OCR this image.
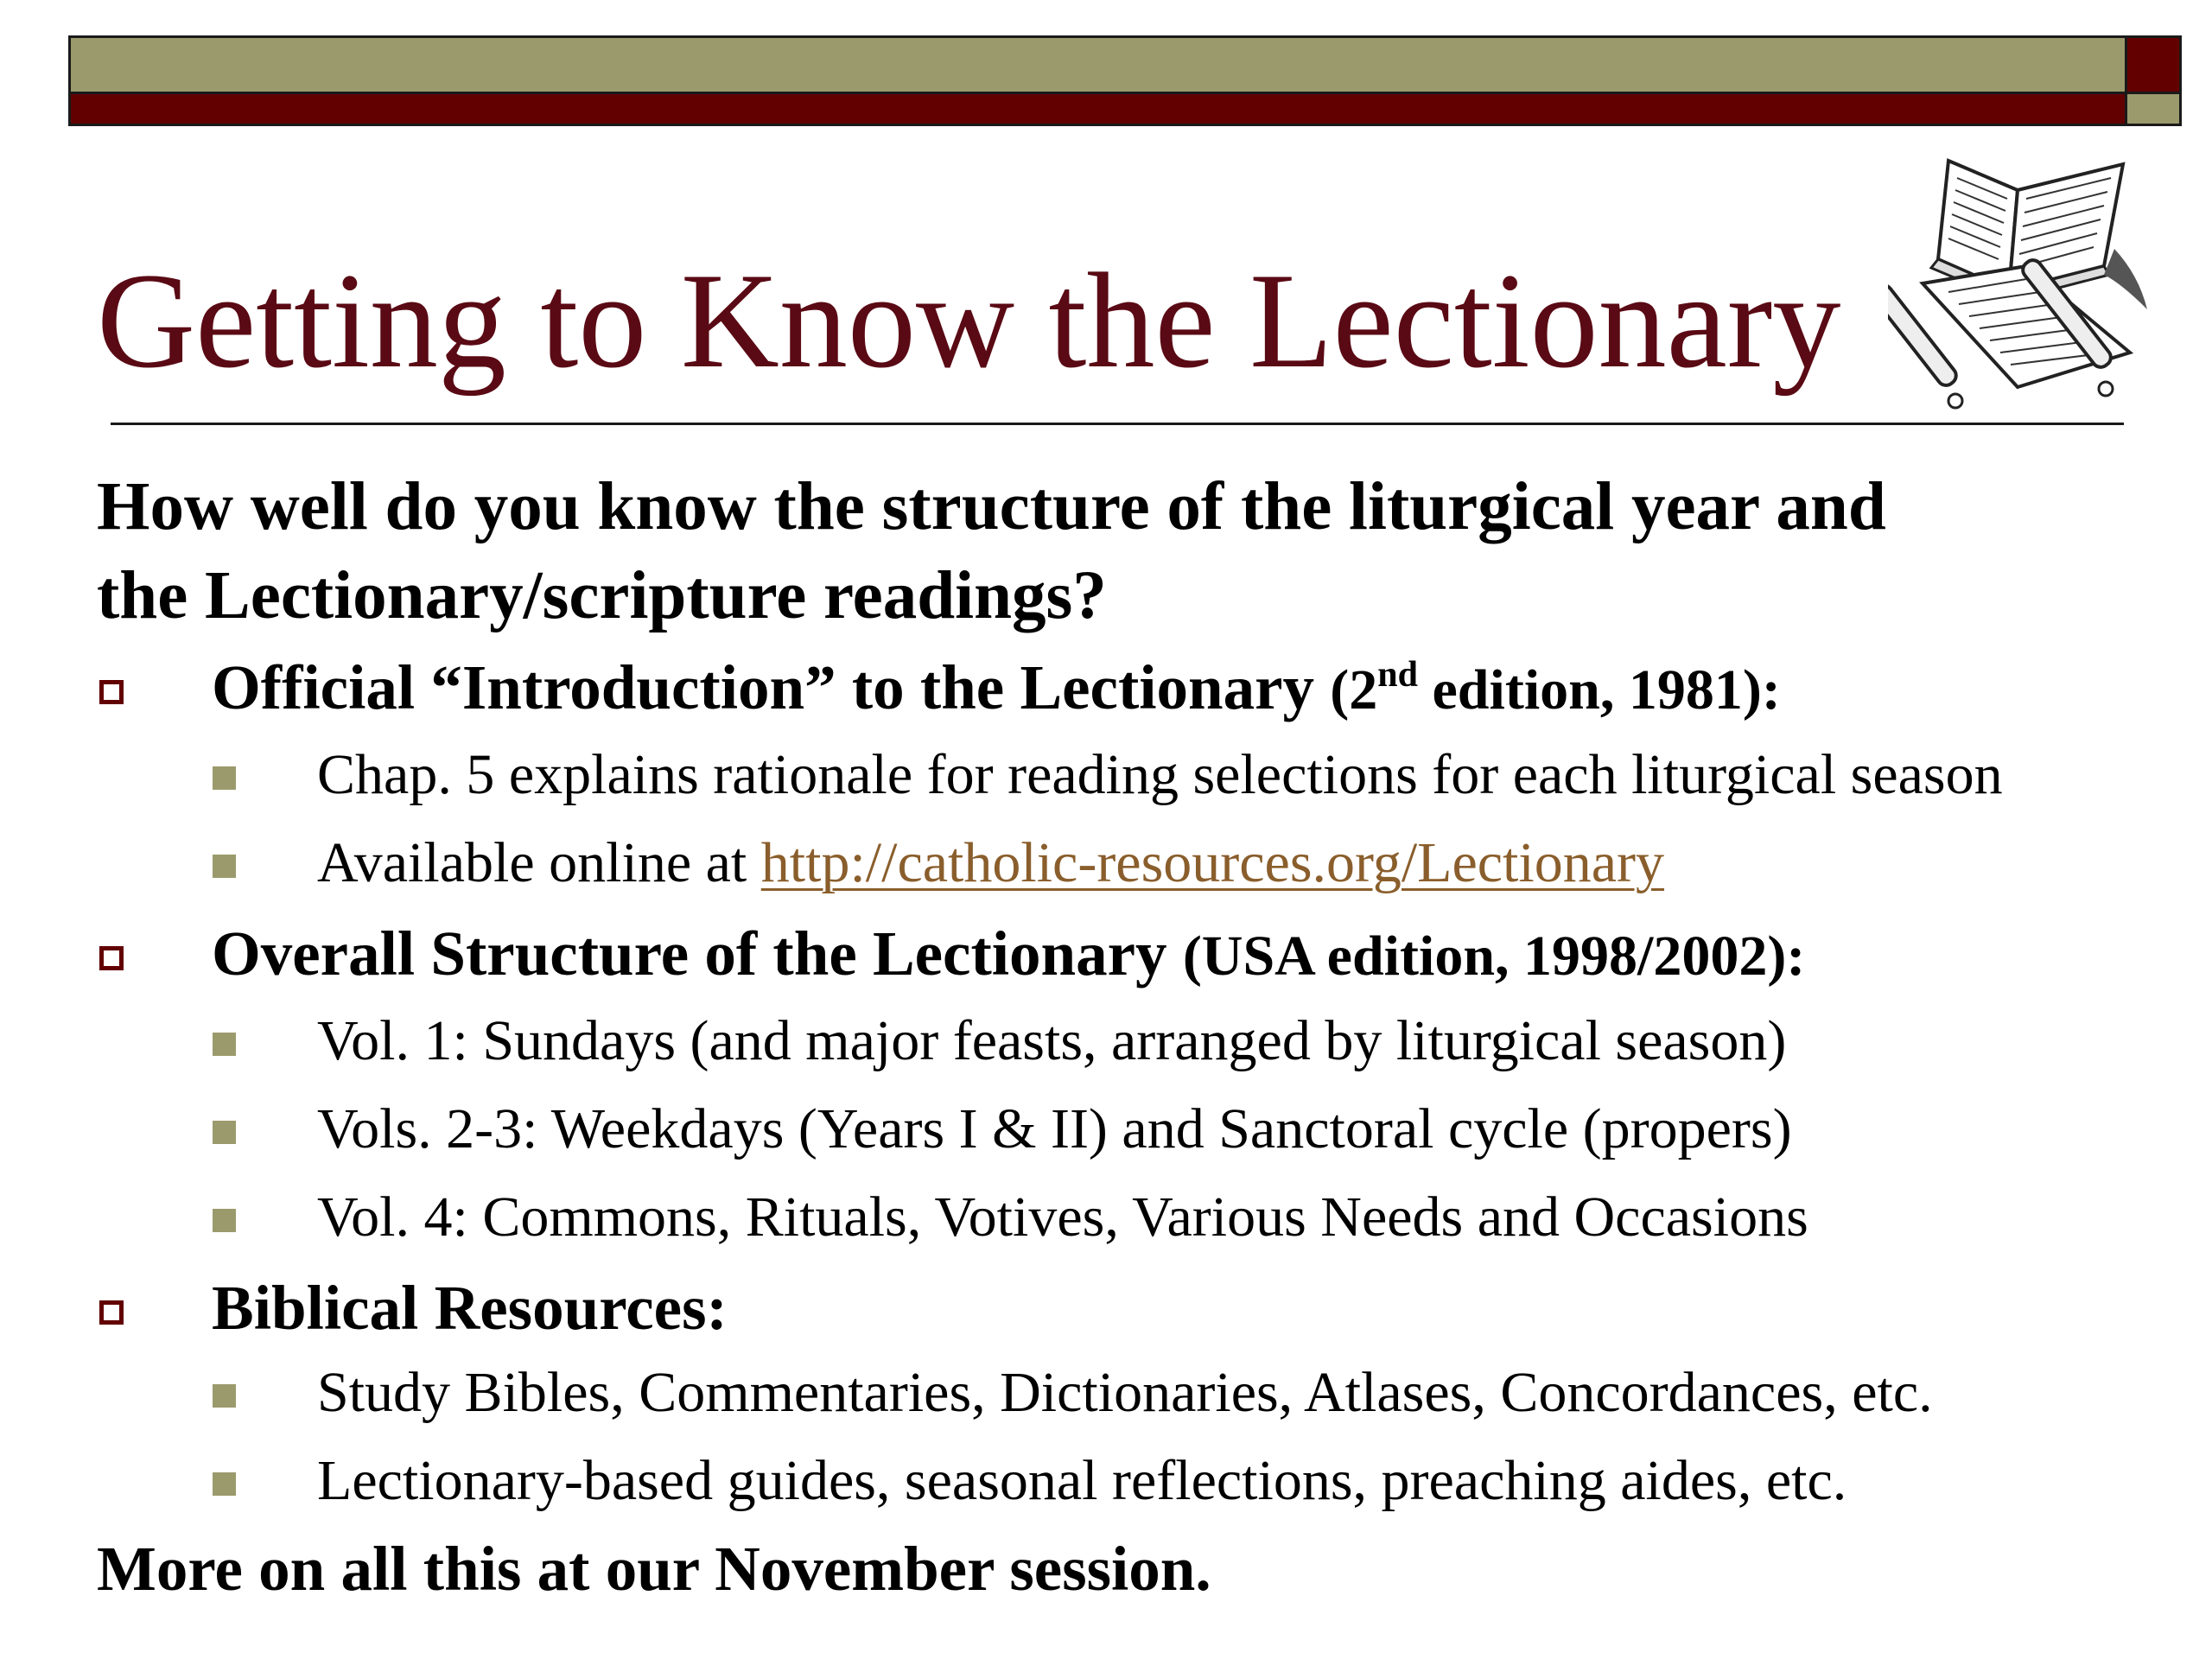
Getting to Know the Lectionary

How well do you know the structure of the liturgical year and

the Lectionary/scripture readings?

Official “Introduction” to the Lectionary (2nd edition, 1981):
Chap. 5 explains rationale for reading selections for each liturgical season
Available online at http://catholic-resources.org/Lectionary
Overall Structure of the Lectionary (USA edition, 1998/2002):
Vol. 1: Sundays (and major feasts, arranged by liturgical season)
Vols. 2-3: Weekdays (Years I & II) and Sanctoral cycle (propers)
Vol. 4: Commons, Rituals, Votives, Various Needs and Occasions
Biblical Resources:
Study Bibles, Commentaries, Dictionaries, Atlases, Concordances, etc.
Lectionary-based guides, seasonal reflections, preaching aides, etc.

More on all this at our November session.
